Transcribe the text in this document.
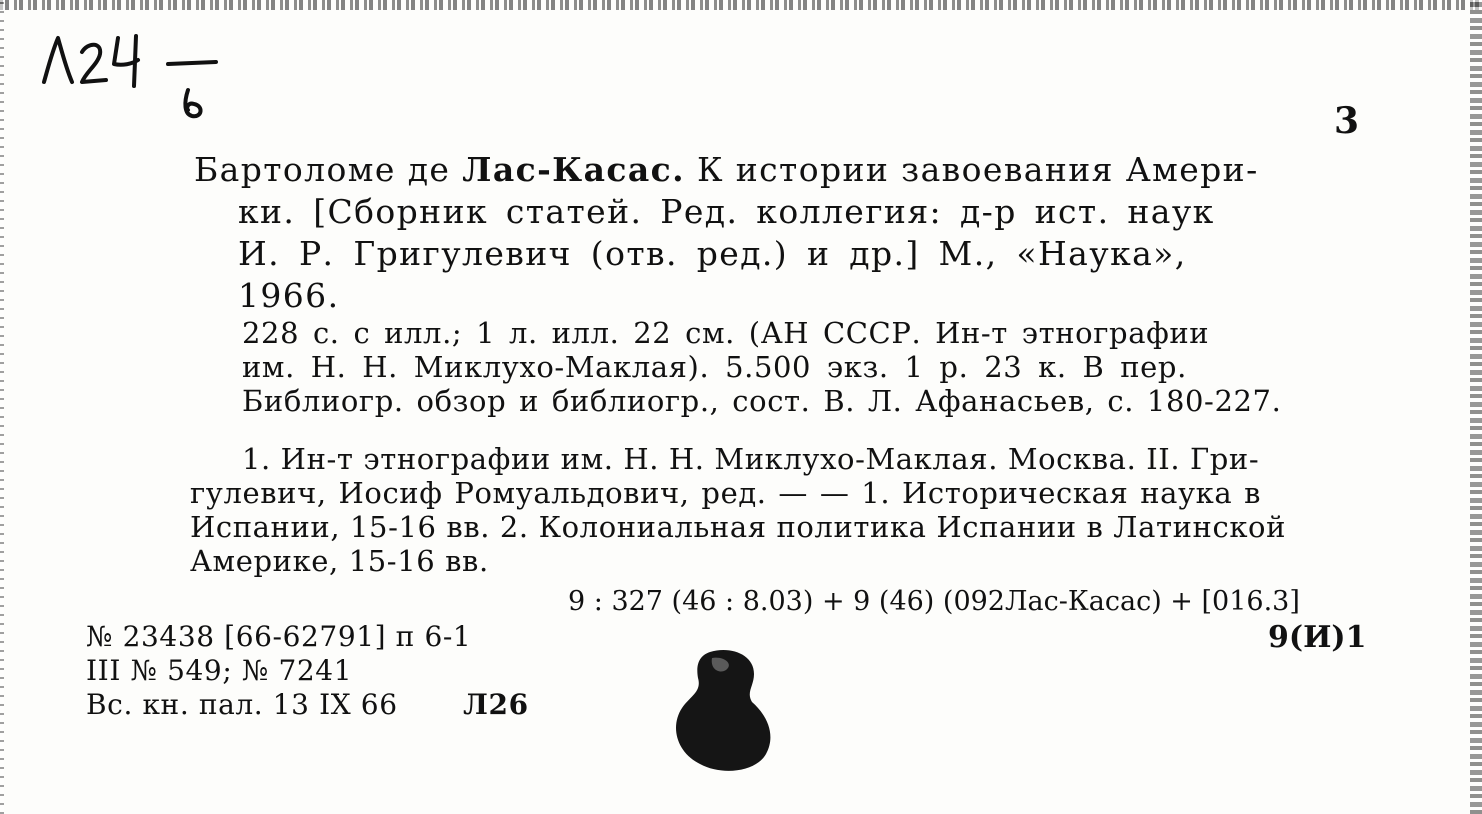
3
Бартоломе де Лас-Касас. К истории завоевания Амери-
ки. [Сборник статей. Ред. коллегия: д-р ист. наук
И. Р. Григулевич (отв. ред.) и др.] М., «Наука»,
1966.
228 с. с илл.; 1 л. илл. 22 см. (АН СССР. Ин-т этнографии
им. Н. Н. Миклухо-Маклая). 5.500 экз. 1 р. 23 к. В пер.
Библиогр. обзор и библиогр., сост. В. Л. Афанасьев, с. 180-227.
1. Ин-т этнографии им. Н. Н. Миклухо-Маклая. Москва. II. Гри-
гулевич, Иосиф Ромуальдович, ред. — — 1. Историческая наука в
Испании, 15-16 вв. 2. Колониальная политика Испании в Латинской
Америке, 15-16 вв.
9 : 327 (46 : 8.03) + 9 (46) (092Лас-Касас) + [016.3]
9(И)1
№ 23438 [66-62791] п 6-1
III № 549; № 7241
Вс. кн. пал. 13 IX 66 Л26
